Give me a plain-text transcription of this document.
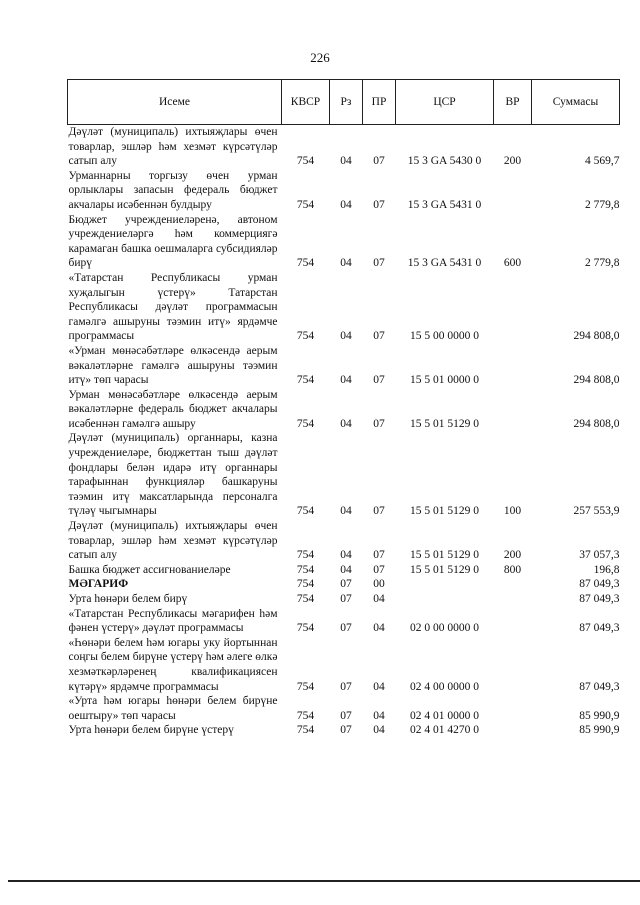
226
Исеме	КВСР	Рз	ПР	ЦСР	ВР	Суммасы
Дәүләт (муниципаль) ихтыяҗлары өчен товарлар, эшләр һәм хезмәт күрсәтүләр сатып алу	754	04	07	15 3 GA 5430 0	200	4 569,7
Урманнарны торгызу өчен урман орлыклары запасын федераль бюджет акчалары исәбеннән булдыру	754	04	07	15 3 GA 5431 0		2 779,8
Бюджет учреждениеләренә, автоном учреждениеләргә һәм коммерциягә карамаган башка оешмаларга субсидияләр бирү	754	04	07	15 3 GA 5431 0	600	2 779,8
«Татарстан Республикасы урман хуҗалыгын үстерү» Татарстан Республикасы дәүләт программасын гамәлгә ашыруны тәэмин итү» ярдәмче программасы	754	04	07	15 5 00 0000 0		294 808,0
«Урман мөнәсәбәтләре өлкәсендә аерым вәкаләтләрне гамәлгә ашыруны тәэмин итү» төп чарасы	754	04	07	15 5 01 0000 0		294 808,0
Урман мөнәсәбәтләре өлкәсендә аерым вәкаләтләрне федераль бюджет акчалары исәбеннән гамәлгә ашыру	754	04	07	15 5 01 5129 0		294 808,0
Дәүләт (муниципаль) органнары, казна учреждениеләре, бюджеттан тыш дәүләт фондлары белән идарә итү органнары тарафыннан функцияләр башкаруны тәэмин итү максатларында персоналга түләү чыгымнары	754	04	07	15 5 01 5129 0	100	257 553,9
Дәүләт (муниципаль) ихтыяҗлары өчен товарлар, эшләр һәм хезмәт күрсәтүләр сатып алу	754	04	07	15 5 01 5129 0	200	37 057,3
Башка бюджет ассигнованиеләре	754	04	07	15 5 01 5129 0	800	196,8
МӘГАРИФ	754	07	00			87 049,3
Урта һөнәри белем бирү	754	07	04			87 049,3
«Татарстан Республикасы мәгарифен һәм фәнен үстерү» дәүләт программасы	754	07	04	02 0 00 0000 0		87 049,3
«Һөнәри белем һәм югары уку йортыннан соңгы белем бирүне үстерү һәм әлеге өлкә хезмәткәрләренең квалификациясен күтәрү» ярдәмче программасы	754	07	04	02 4 00 0000 0		87 049,3
«Урта һәм югары һөнәри белем бирүне оештыру» төп чарасы	754	07	04	02 4 01 0000 0		85 990,9
Урта һөнәри белем бирүне үстерү	754	07	04	02 4 01 4270 0		85 990,9
